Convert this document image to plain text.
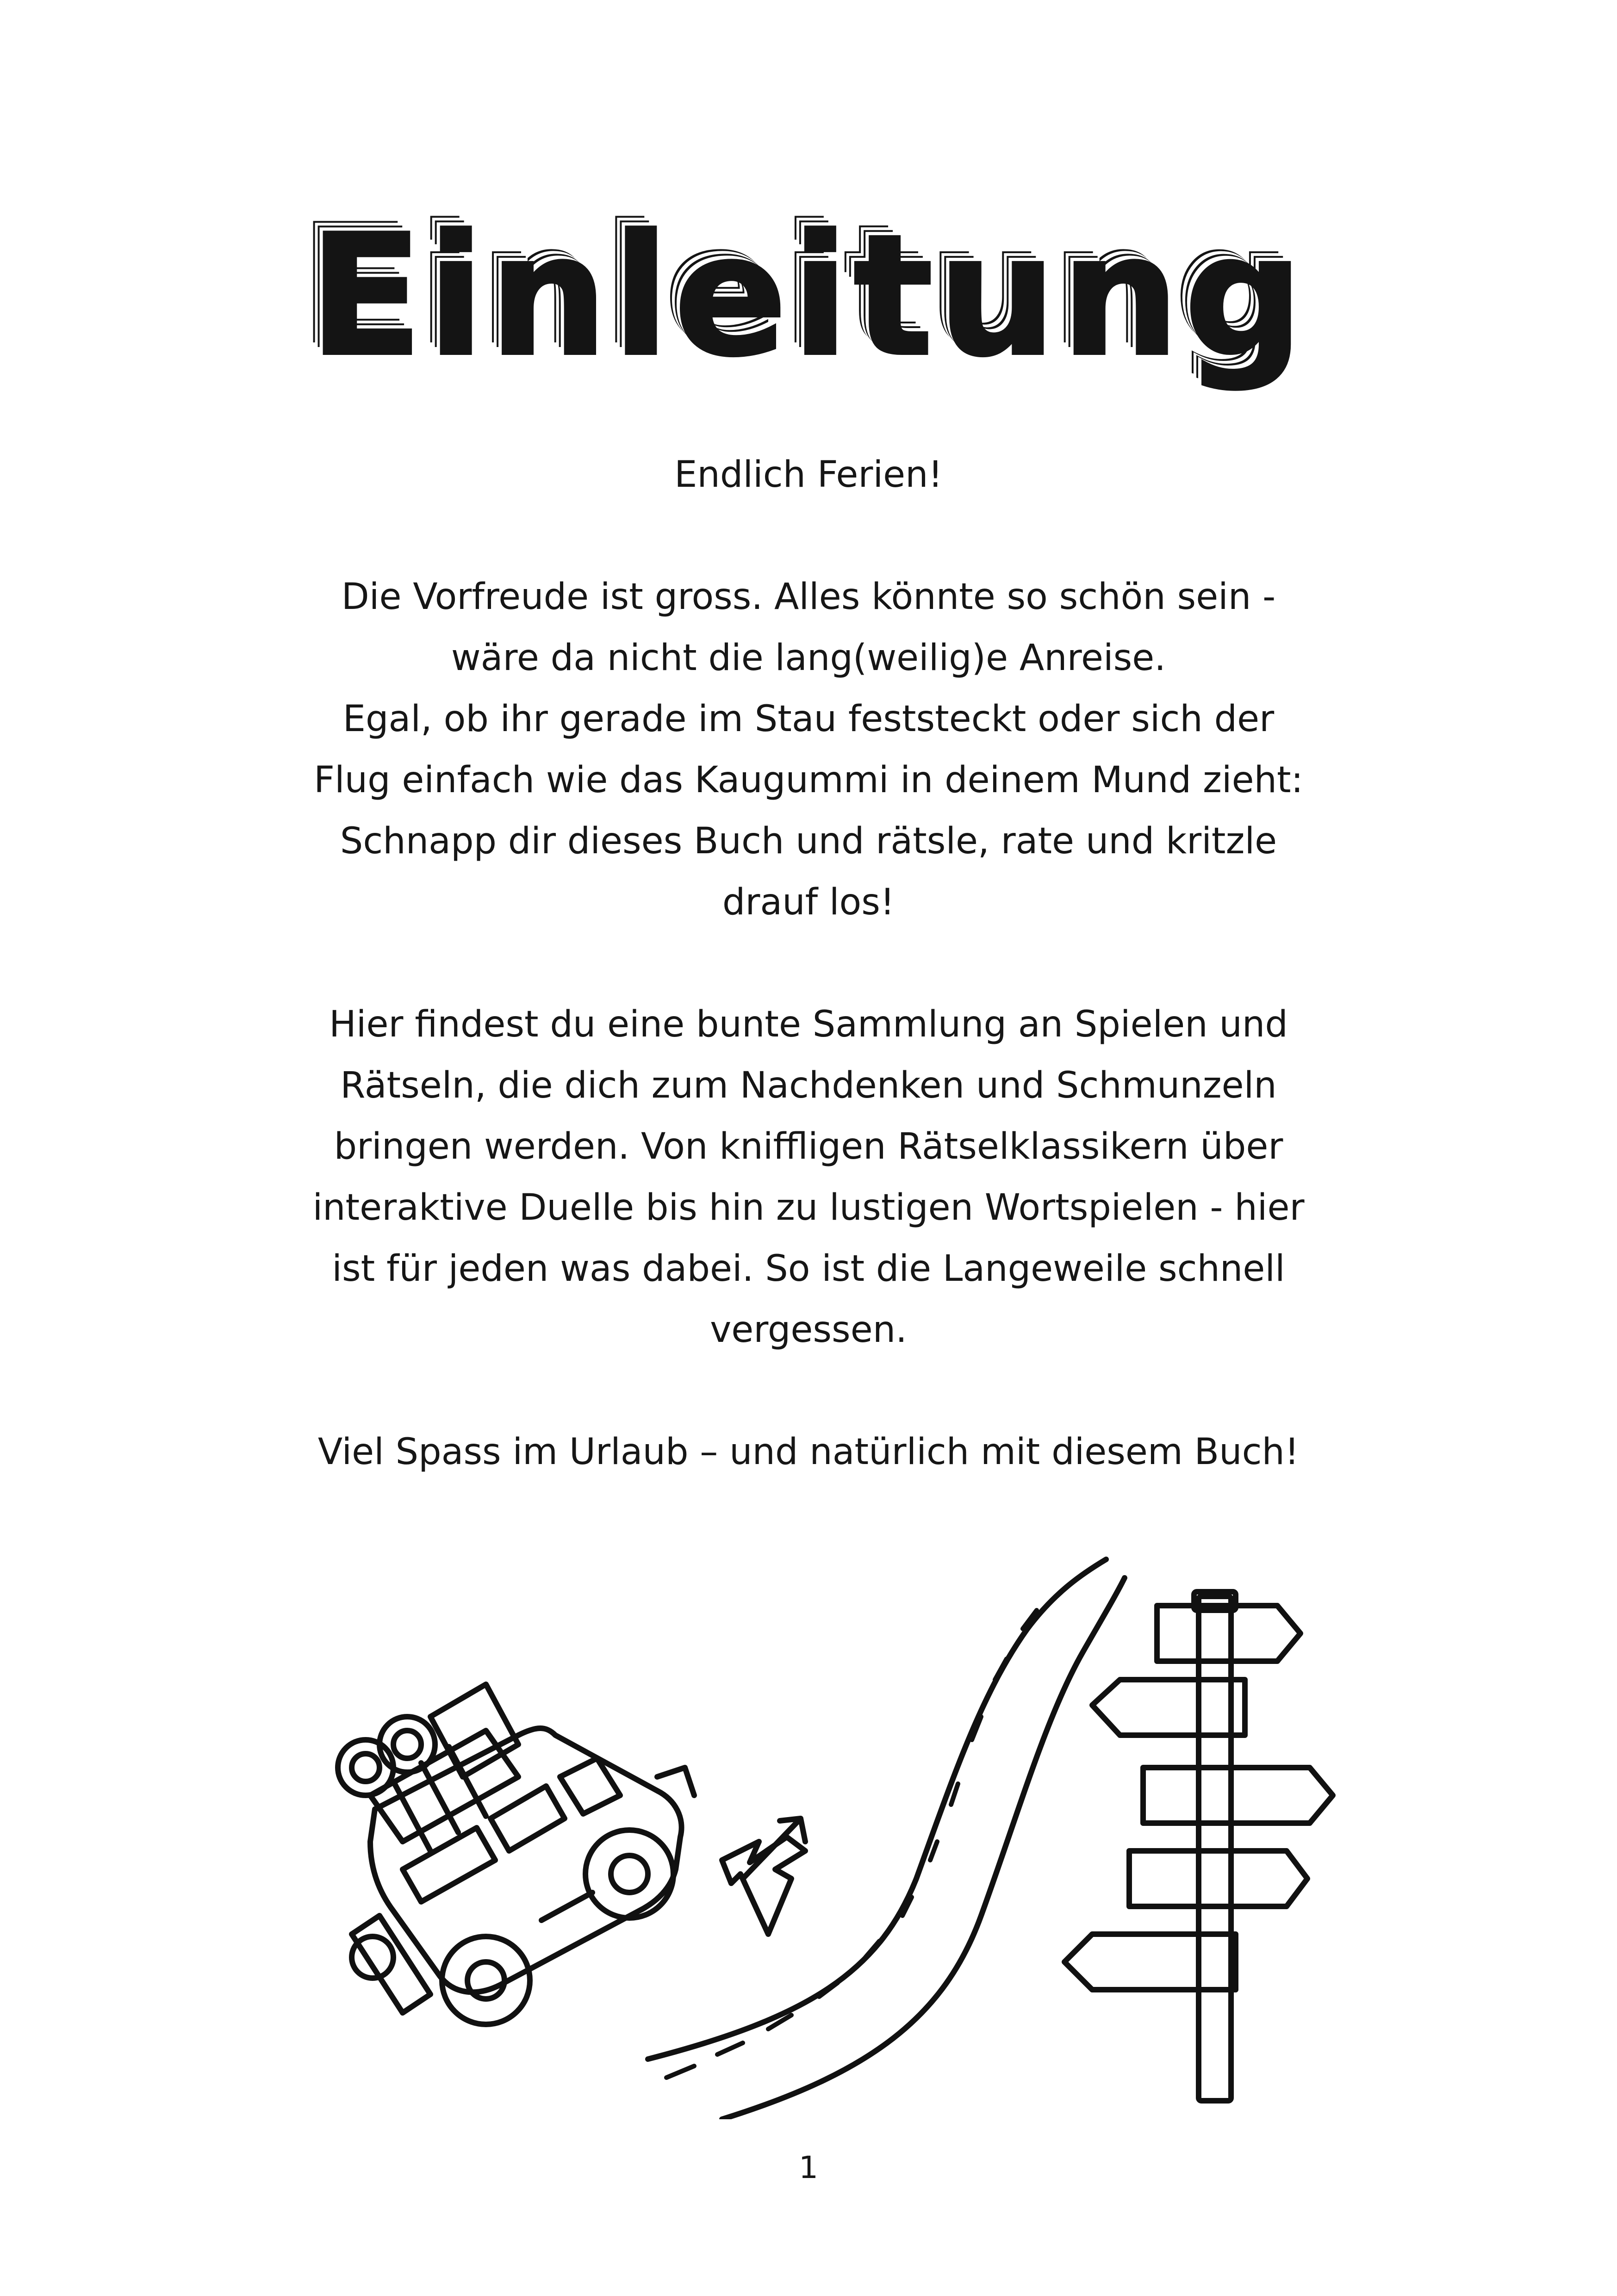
Einleitung

Endlich Ferien!

Die Vorfreude ist gross. Alles könnte so schön sein -

wäre da nicht die lang(weilig)e Anreise.

Egal, ob ihr gerade im Stau feststeckt oder sich der

Flug einfach wie das Kaugummi in deinem Mund zieht:

Schnapp dir dieses Buch und rätsle, rate und kritzle

drauf los!

Hier findest du eine bunte Sammlung an Spielen und

Rätseln, die dich zum Nachdenken und Schmunzeln

bringen werden. Von kniffligen Rätselklassikern über

interaktive Duelle bis hin zu lustigen Wortspielen - hier

ist für jeden was dabei. So ist die Langeweile schnell

vergessen.

Viel Spass im Urlaub – und natürlich mit diesem Buch!

1
